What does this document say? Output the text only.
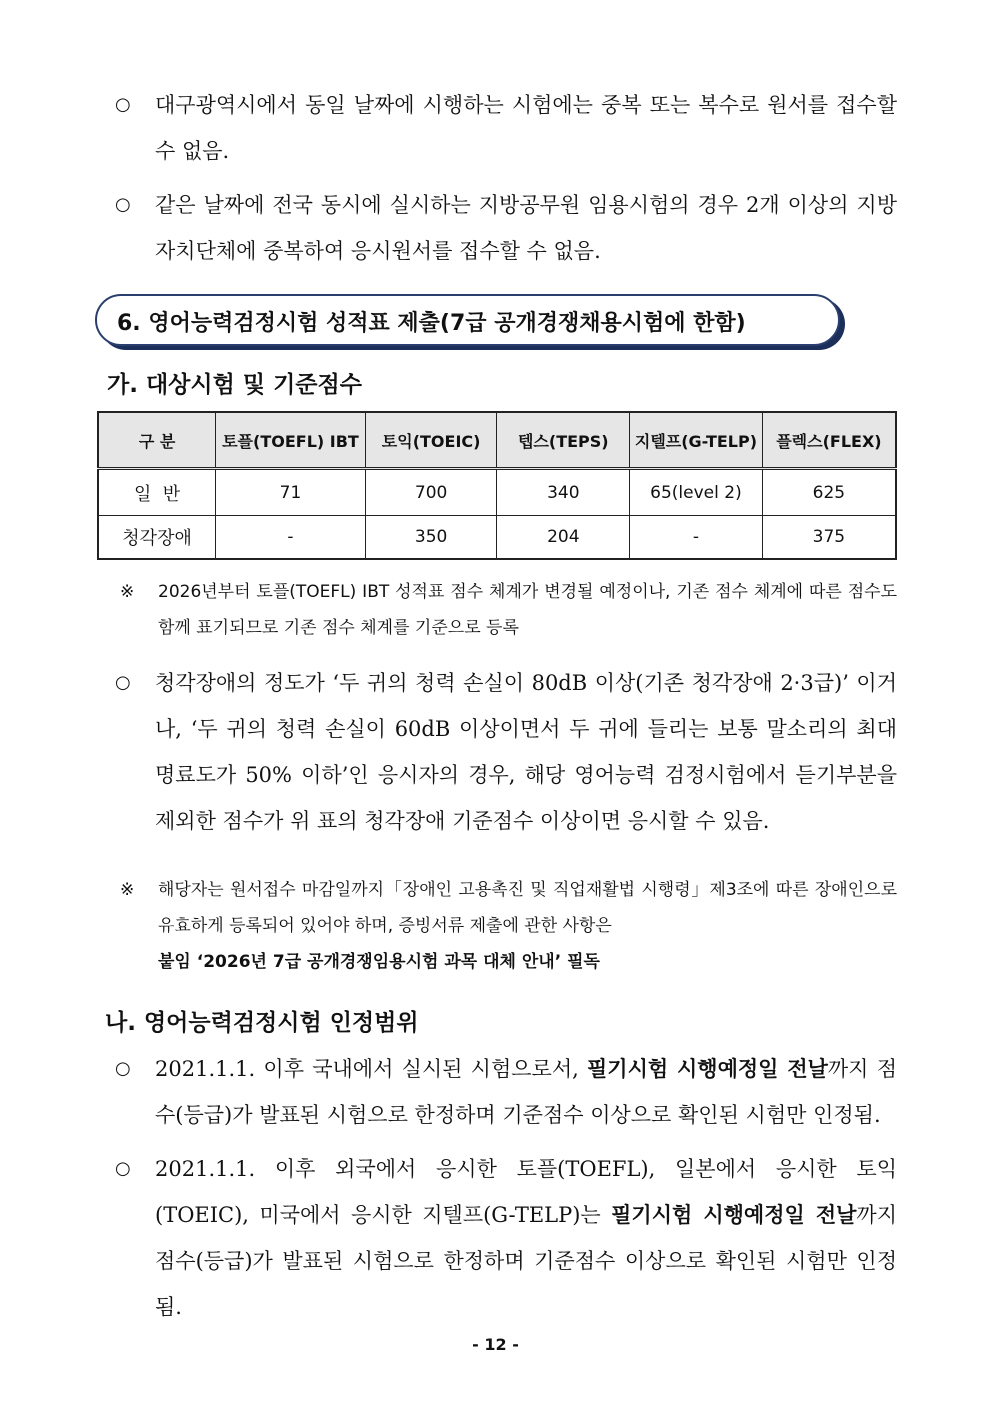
○	대구광역시에서 동일 날짜에 시행하는 시험에는 중복 또는 복수로 원서를 접수할 수 없음.
○	같은 날짜에 전국 동시에 실시하는 지방공무원 임용시험의 경우 2개 이상의 지방자치단체에 중복하여 응시원서를 접수할 수 없음.
6. 영어능력검정시험 성적표 제출(7급 공개경쟁채용시험에 한함)
가. 대상시험 및 기준점수
구 분	토플(TOEFL) IBT	토익(TOEIC)	텝스(TEPS)	지텔프(G-TELP)	플렉스(FLEX)
일  반	71	700	340	65(level 2)	625
청각장애	-	350	204	-	375
※	2026년부터 토플(TOEFL) IBT 성적표 점수 체계가 변경될 예정이나, 기존 점수 체계에 따른 점수도 함께 표기되므로 기존 점수 체계를 기준으로 등록
○	청각장애의 정도가 ‘두 귀의 청력 손실이 80dB 이상(기존 청각장애 2·3급)’ 이거나, ‘두 귀의 청력 손실이 60dB 이상이면서 두 귀에 들리는 보통 말소리의 최대 명료도가 50% 이하’인 응시자의 경우, 해당 영어능력 검정시험에서 듣기부분을 제외한 점수가 위 표의 청각장애 기준점수 이상이면 응시할 수 있음.
※	해당자는 원서접수 마감일까지「장애인 고용촉진 및 직업재활법 시행령」제3조에 따른 장애인으로 유효하게 등록되어 있어야 하며, 증빙서류 제출에 관한 사항은
붙임 ‘2026년 7급 공개경쟁임용시험 과목 대체 안내’ 필독
나. 영어능력검정시험 인정범위
○	2021.1.1. 이후 국내에서 실시된 시험으로서, 필기시험 시행예정일 전날까지 점수(등급)가 발표된 시험으로 한정하며 기준점수 이상으로 확인된 시험만 인정됨.
○	2021.1.1. 이후 외국에서 응시한 토플(TOEFL), 일본에서 응시한 토익(TOEIC), 미국에서 응시한 지텔프(G-TELP)는 필기시험 시행예정일 전날까지 점수(등급)가 발표된 시험으로 한정하며 기준점수 이상으로 확인된 시험만 인정됨.
- 12 -
